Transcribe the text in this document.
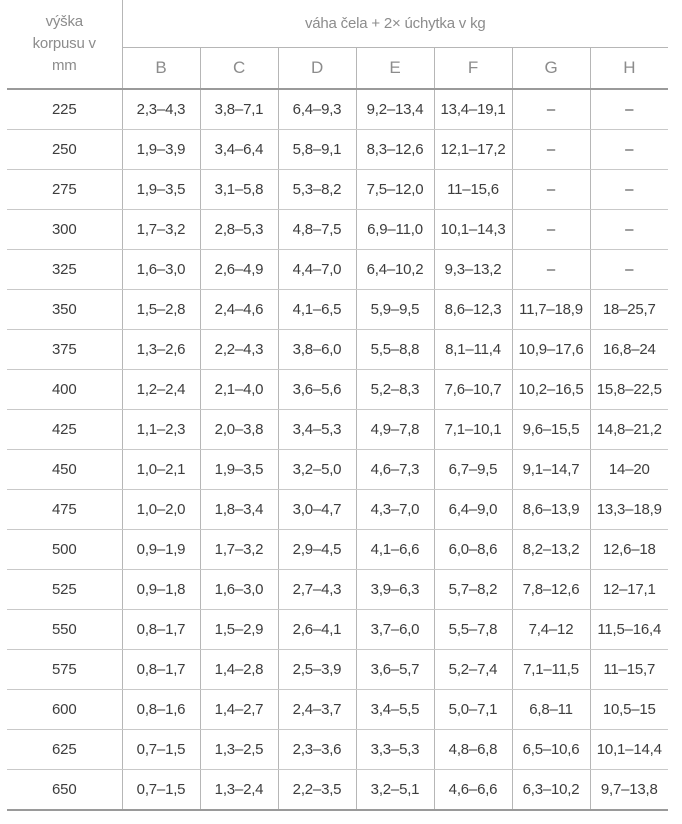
výška korpusu v mm	váha čela + 2× úchytka v kg						
	B	C	D	E	F	G	H
225	2,3–4,3	3,8–7,1	6,4–9,3	9,2–13,4	13,4–19,1	–	–
250	1,9–3,9	3,4–6,4	5,8–9,1	8,3–12,6	12,1–17,2	–	–
275	1,9–3,5	3,1–5,8	5,3–8,2	7,5–12,0	11–15,6	–	–
300	1,7–3,2	2,8–5,3	4,8–7,5	6,9–11,0	10,1–14,3	–	–
325	1,6–3,0	2,6–4,9	4,4–7,0	6,4–10,2	9,3–13,2	–	–
350	1,5–2,8	2,4–4,6	4,1–6,5	5,9–9,5	8,6–12,3	11,7–18,9	18–25,7
375	1,3–2,6	2,2–4,3	3,8–6,0	5,5–8,8	8,1–11,4	10,9–17,6	16,8–24
400	1,2–2,4	2,1–4,0	3,6–5,6	5,2–8,3	7,6–10,7	10,2–16,5	15,8–22,5
425	1,1–2,3	2,0–3,8	3,4–5,3	4,9–7,8	7,1–10,1	9,6–15,5	14,8–21,2
450	1,0–2,1	1,9–3,5	3,2–5,0	4,6–7,3	6,7–9,5	9,1–14,7	14–20
475	1,0–2,0	1,8–3,4	3,0–4,7	4,3–7,0	6,4–9,0	8,6–13,9	13,3–18,9
500	0,9–1,9	1,7–3,2	2,9–4,5	4,1–6,6	6,0–8,6	8,2–13,2	12,6–18
525	0,9–1,8	1,6–3,0	2,7–4,3	3,9–6,3	5,7–8,2	7,8–12,6	12–17,1
550	0,8–1,7	1,5–2,9	2,6–4,1	3,7–6,0	5,5–7,8	7,4–12	11,5–16,4
575	0,8–1,7	1,4–2,8	2,5–3,9	3,6–5,7	5,2–7,4	7,1–11,5	11–15,7
600	0,8–1,6	1,4–2,7	2,4–3,7	3,4–5,5	5,0–7,1	6,8–11	10,5–15
625	0,7–1,5	1,3–2,5	2,3–3,6	3,3–5,3	4,8–6,8	6,5–10,6	10,1–14,4
650	0,7–1,5	1,3–2,4	2,2–3,5	3,2–5,1	4,6–6,6	6,3–10,2	9,7–13,8
